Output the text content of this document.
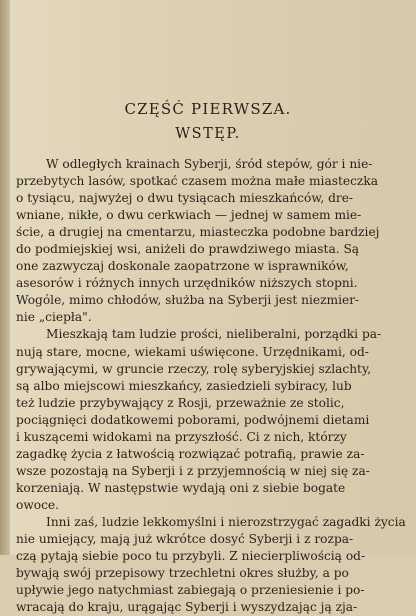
CZĘŚĆ PIERWSZA.
WSTĘP.
W odległych krainach Syberji, śród stepów, gór i nie-
przebytych lasów, spotkać czasem można małe miasteczka
o tysiącu, najwyżej o dwu tysiącach mieszkańców, dre-
wniane, nikłe, o dwu cerkwiach — jednej w samem mie-
ście, a drugiej na cmentarzu, miasteczka podobne bardziej
do podmiejskiej wsi, aniżeli do prawdziwego miasta. Są
one zazwyczaj doskonale zaopatrzone w isprawników,
asesorów i różnych innych urzędników niższych stopni.
Wogóle, mimo chłodów, służba na Syberji jest niezmier-
nie „ciepła".
Mieszkają tam ludzie prości, nieliberalni, porządki pa-
nują stare, mocne, wiekami uświęcone. Urzędnikami, od-
grywającymi, w gruncie rzeczy, rolę syberyjskiej szlachty,
są albo miejscowi mieszkańcy, zasiedzieli sybiracy, lub
też ludzie przybywający z Rosji, przeważnie ze stolic,
pociągnięci dodatkowemi poborami, podwójnemi dietami
i kuszącemi widokami na przyszłość. Ci z nich, którzy
zagadkę życia z łatwością rozwiązać potrafią, prawie za-
wsze pozostają na Syberji i z przyjemnością w niej się za-
korzeniają. W następstwie wydają oni z siebie bogate
owoce.
Inni zaś, ludzie lekkomyślni i nierozstrzygać zagadki życia
nie umiejący, mają już wkrótce dosyć Syberji i z rozpa-
czą pytają siebie poco tu przybyli. Z niecierpliwością od-
bywają swój przepisowy trzechletni okres służby, a po
upływie jego natychmiast zabiegają o przeniesienie i po-
wracają do kraju, urągając Syberji i wyszydzając ją zja-
